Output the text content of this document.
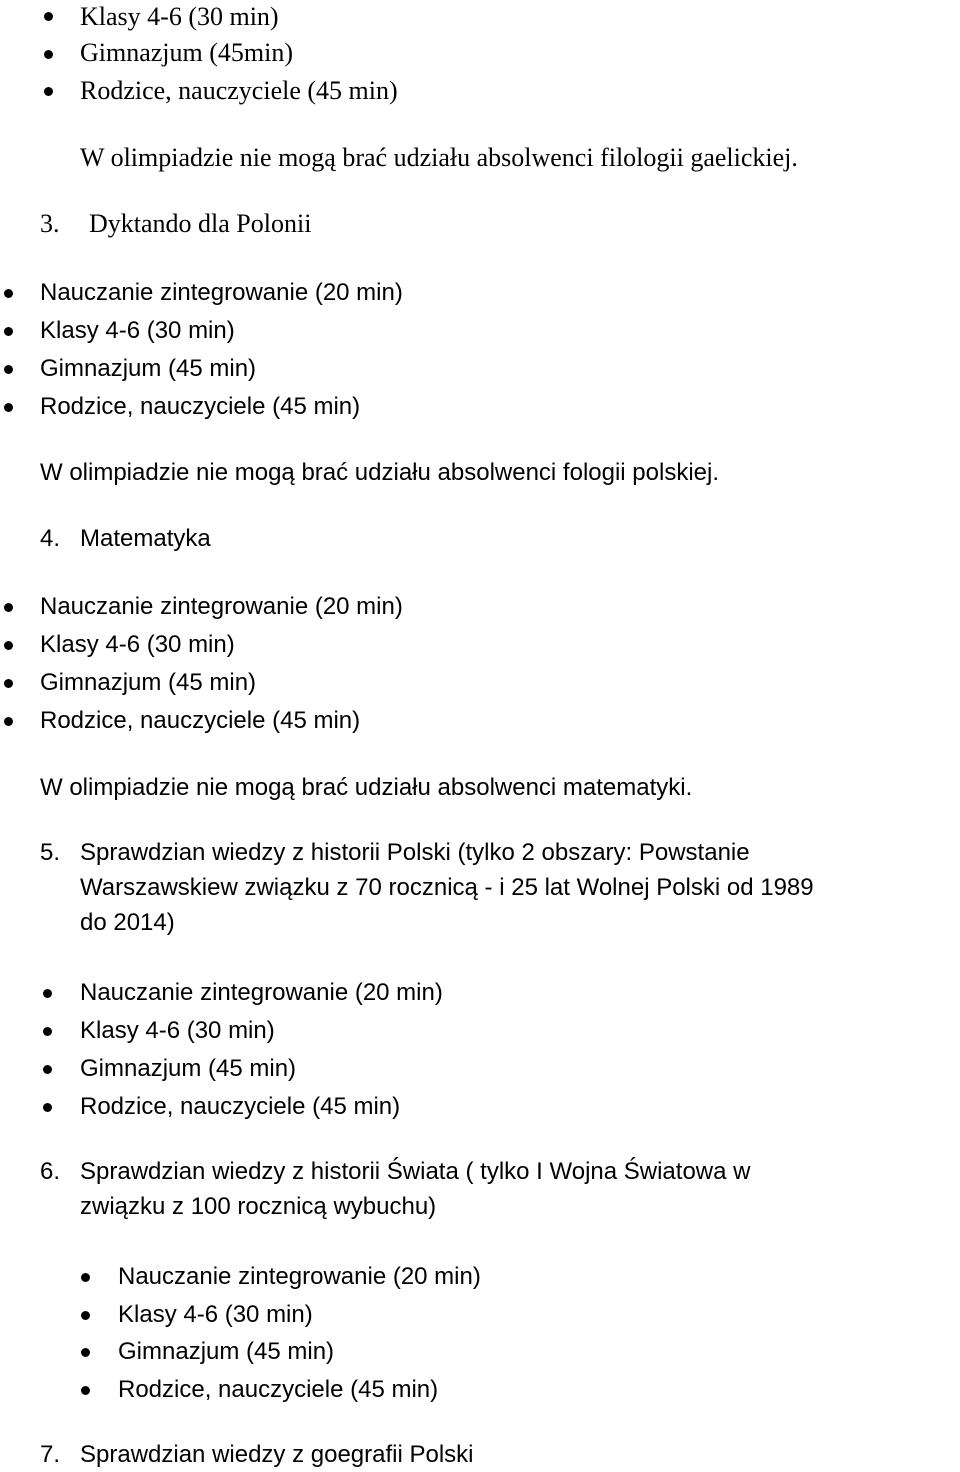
Klasy 4-6 (30 min)
Gimnazjum (45min)
Rodzice, nauczyciele (45 min)
W olimpiadzie nie mogą brać udziału absolwenci filologii gaelickiej.
3. Dyktando dla Polonii
Nauczanie zintegrowanie (20 min)
Klasy 4-6 (30 min)
Gimnazjum (45 min)
Rodzice, nauczyciele (45 min)
W olimpiadzie nie mogą brać udziału absolwenci fologii polskiej.
4. Matematyka
Nauczanie zintegrowanie (20 min)
Klasy 4-6 (30 min)
Gimnazjum (45 min)
Rodzice, nauczyciele (45 min)
W olimpiadzie nie mogą brać udziału absolwenci matematyki.
5. Sprawdzian wiedzy z historii Polski (tylko 2 obszary: Powstanie
Warszawskiew związku z 70 rocznicą - i 25 lat Wolnej Polski od 1989
do 2014)
Nauczanie zintegrowanie (20 min)
Klasy 4-6 (30 min)
Gimnazjum (45 min)
Rodzice, nauczyciele (45 min)
6. Sprawdzian wiedzy z historii Świata ( tylko I Wojna Światowa w
związku z 100 rocznicą wybuchu)
Nauczanie zintegrowanie (20 min)
Klasy 4-6 (30 min)
Gimnazjum (45 min)
Rodzice, nauczyciele (45 min)
7. Sprawdzian wiedzy z goegrafii Polski
